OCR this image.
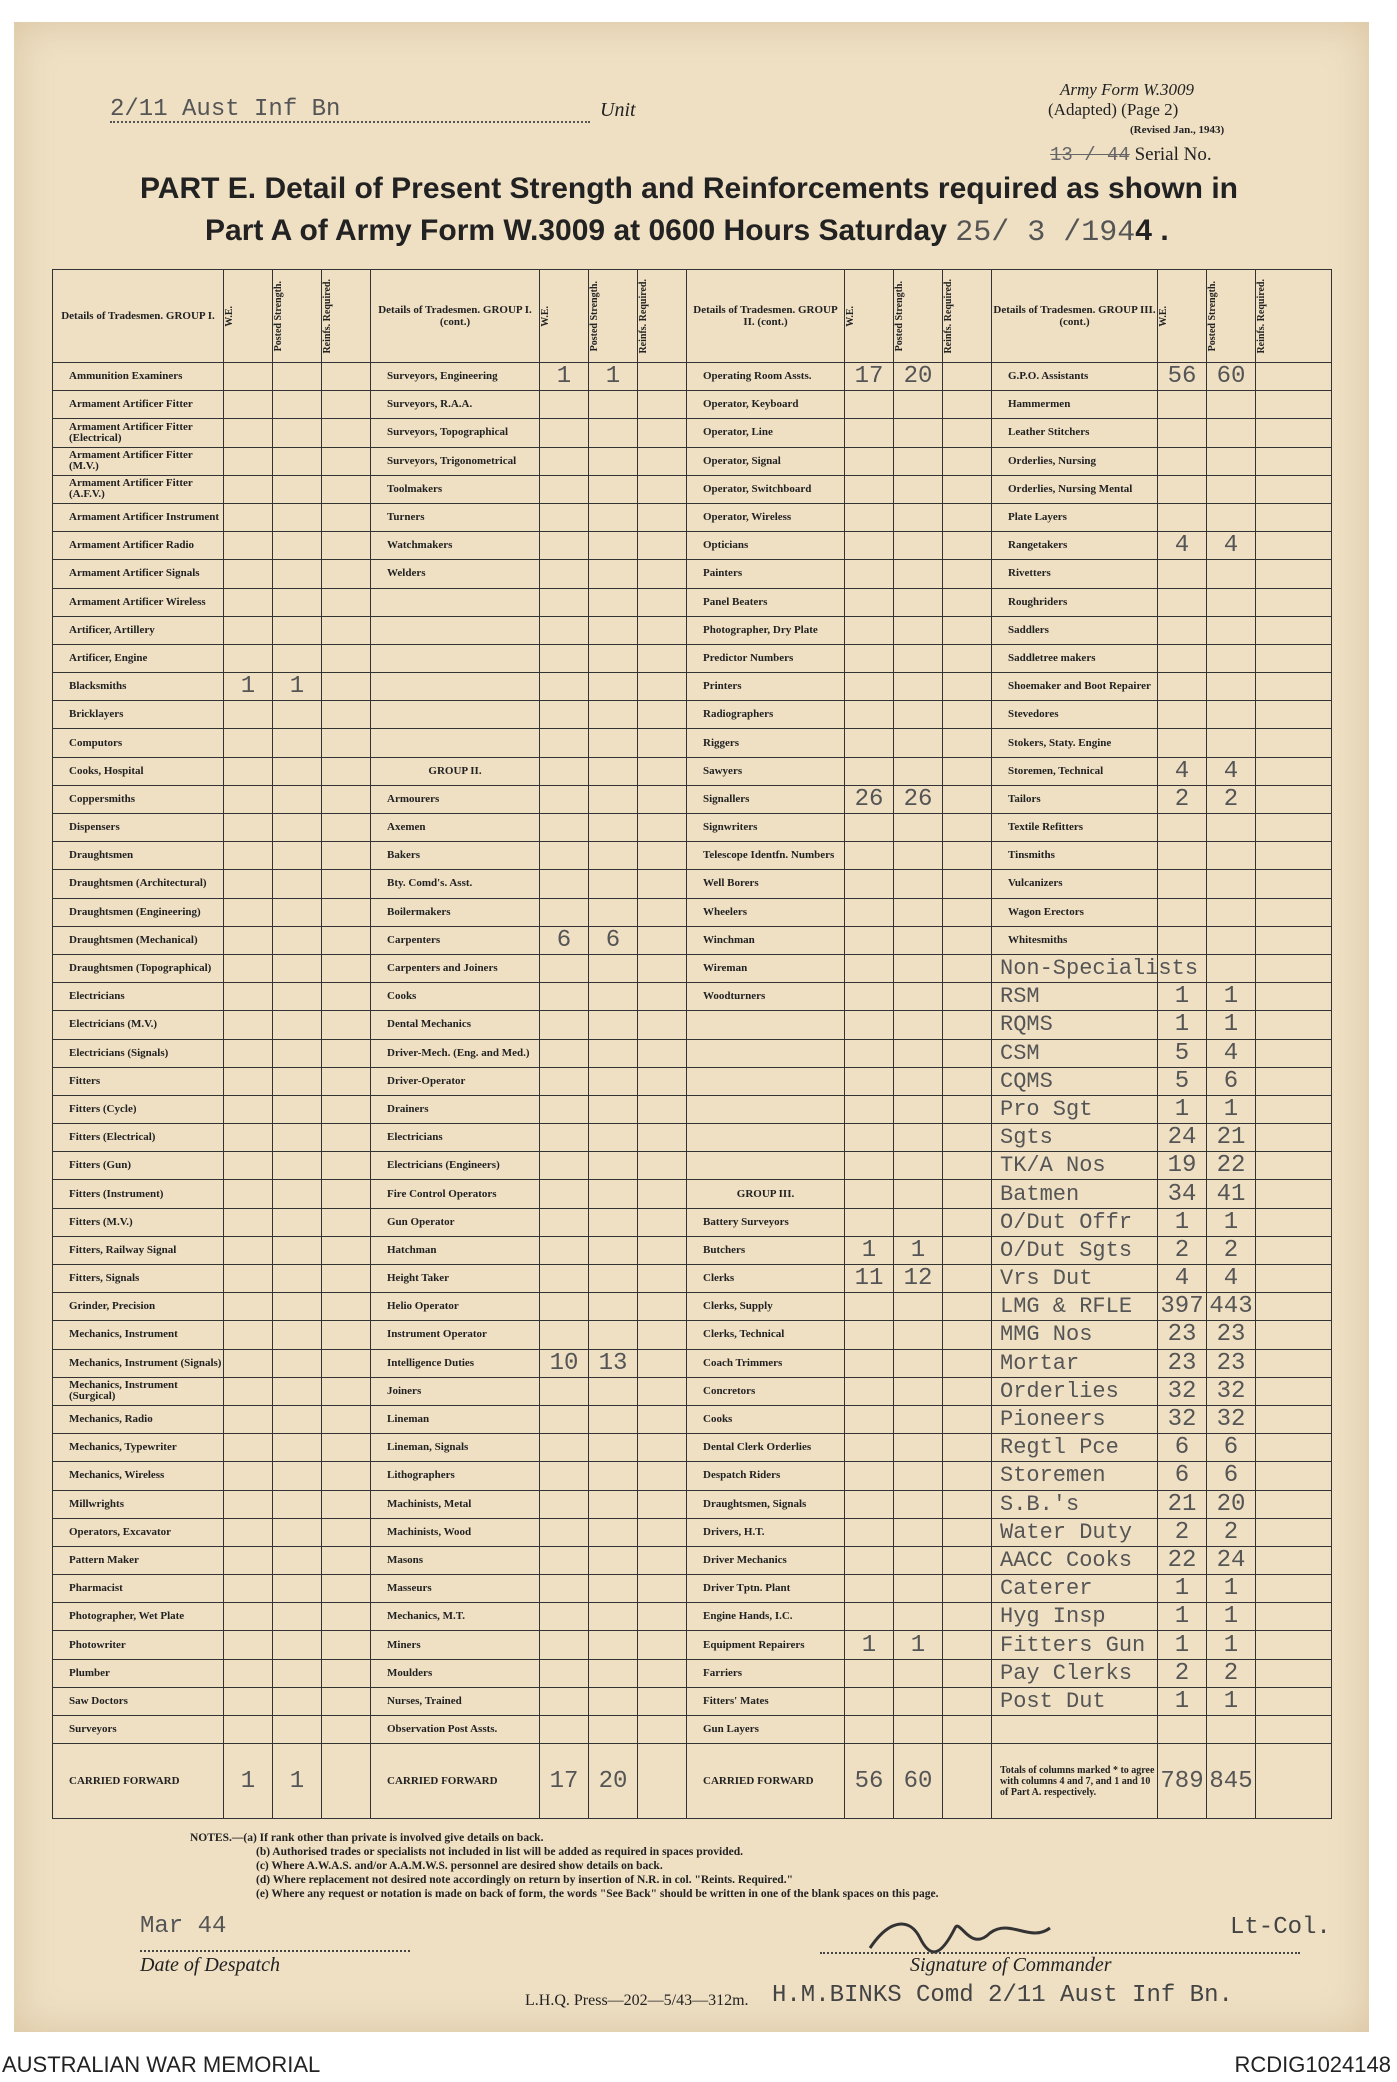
2/11 Aust Inf Bn	Unit
Army Form W.3009
(Adapted) (Page 2)
(Revised Jan., 1943)
13 / 44 Serial No.
PART E. Detail of Present Strength and Reinforcements required as shown in
Part A of Army Form W.3009 at 0600 Hours Saturday 25/ 3 /1944 .
Details of Tradesmen. GROUP I.	W.E.	Posted Strength.	Reinfs. Required.	Details of Tradesmen. GROUP I. (cont.)	W.E.	Posted Strength.	Reinfs. Required.	Details of Tradesmen. GROUP II. (cont.)	W.E.	Posted Strength.	Reinfs. Required.	Details of Tradesmen. GROUP III. (cont.)	W.E.	Posted Strength.	Reinfs. Required.

Ammunition Examiners				Surveyors, Engineering	1	1		Operating Room Assts.	17	20		G.P.O. Assistants	56	60	
Armament Artificer Fitter				Surveyors, R.A.A.				Operator, Keyboard				Hammermen			
Armament Artificer Fitter (Electrical)				Surveyors, Topographical				Operator, Line				Leather Stitchers			
Armament Artificer Fitter (M.V.)				Surveyors, Trigonometrical				Operator, Signal				Orderlies, Nursing			
Armament Artificer Fitter (A.F.V.)				Toolmakers				Operator, Switchboard				Orderlies, Nursing Mental			
Armament Artificer Instrument				Turners				Operator, Wireless				Plate Layers			
Armament Artificer Radio				Watchmakers				Opticians				Rangetakers	4	4	
Armament Artificer Signals				Welders				Painters				Rivetters			
Armament Artificer Wireless								Panel Beaters				Roughriders			
Artificer, Artillery								Photographer, Dry Plate				Saddlers			
Artificer, Engine								Predictor Numbers				Saddletree makers			
Blacksmiths	1	1						Printers				Shoemaker and Boot Repairer			
Bricklayers								Radiographers				Stevedores			
Computors								Riggers				Stokers, Staty. Engine			
Cooks, Hospital				GROUP II.				Sawyers				Storemen, Technical	4	4	
Coppersmiths				Armourers				Signallers	26	26		Tailors	2	2	
Dispensers				Axemen				Signwriters				Textile Refitters			
Draughtsmen				Bakers				Telescope Identfn. Numbers				Tinsmiths			
Draughtsmen (Architectural)				Bty. Comd's. Asst.				Well Borers				Vulcanizers			
Draughtsmen (Engineering)				Boilermakers				Wheelers				Wagon Erectors			
Draughtsmen (Mechanical)				Carpenters	6	6		Winchman				Whitesmiths			
Draughtsmen (Topographical)				Carpenters and Joiners				Wireman				Non-Specialists			
Electricians				Cooks				Woodturners				RSM	1	1	
Electricians (M.V.)				Dental Mechanics								RQMS	1	1	
Electricians (Signals)				Driver-Mech. (Eng. and Med.)								CSM	5	4	
Fitters				Driver-Operator								CQMS	5	6	
Fitters (Cycle)				Drainers								Pro Sgt	1	1	
Fitters (Electrical)				Electricians								Sgts	24	21	
Fitters (Gun)				Electricians (Engineers)								TK/A Nos	19	22	
Fitters (Instrument)				Fire Control Operators				GROUP III.				Batmen	34	41	
Fitters (M.V.)				Gun Operator				Battery Surveyors				O/Dut Offr	1	1	
Fitters, Railway Signal				Hatchman				Butchers	1	1		O/Dut Sgts	2	2	
Fitters, Signals				Height Taker				Clerks	11	12		Vrs Dut	4	4	
Grinder, Precision				Helio Operator				Clerks, Supply				LMG & RFLE	397	443	
Mechanics, Instrument				Instrument Operator				Clerks, Technical				MMG Nos	23	23	
Mechanics, Instrument (Signals)				Intelligence Duties	10	13		Coach Trimmers				Mortar	23	23	
Mechanics, Instrument (Surgical)				Joiners				Concretors				Orderlies	32	32	
Mechanics, Radio				Lineman				Cooks				Pioneers	32	32	
Mechanics, Typewriter				Lineman, Signals				Dental Clerk Orderlies				Regtl Pce	6	6	
Mechanics, Wireless				Lithographers				Despatch Riders				Storemen	6	6	
Millwrights				Machinists, Metal				Draughtsmen, Signals				S.B.'s	21	20	
Operators, Excavator				Machinists, Wood				Drivers, H.T.				Water Duty	2	2	
Pattern Maker				Masons				Driver Mechanics				AACC Cooks	22	24	
Pharmacist				Masseurs				Driver Tptn. Plant				Caterer	1	1	
Photographer, Wet Plate				Mechanics, M.T.				Engine Hands, I.C.				Hyg Insp	1	1	
Photowriter				Miners				Equipment Repairers	1	1		Fitters Gun	1	1	
Plumber				Moulders				Farriers				Pay Clerks	2	2	
Saw Doctors				Nurses, Trained				Fitters' Mates				Post Dut	1	1	
Surveyors				Observation Post Assts.				Gun Layers							
CARRIED FORWARD	1	1		CARRIED FORWARD	17	20		CARRIED FORWARD	56	60		Totals of columns marked * to agree with columns 4 and 7, and 1 and 10 of Part A. respectively.	789	845	
NOTES.—(a) If rank other than private is involved give details on back.
(b) Authorised trades or specialists not included in list will be added as required in spaces provided.
(c) Where A.W.A.S. and/or A.A.M.W.S. personnel are desired show details on back.
(d) Where replacement not desired note accordingly on return by insertion of N.R. in col. "Reints. Required."
(e) Where any request or notation is made on back of form, the words "See Back" should be written in one of the blank spaces on this page.
Mar 44
Date of Despatch
Lt-Col.
Signature of Commander
H.M.BINKS Comd 2/11 Aust Inf Bn.
L.H.Q. Press—202—5/43—312m.
AUSTRALIAN WAR MEMORIAL	RCDIG1024148
